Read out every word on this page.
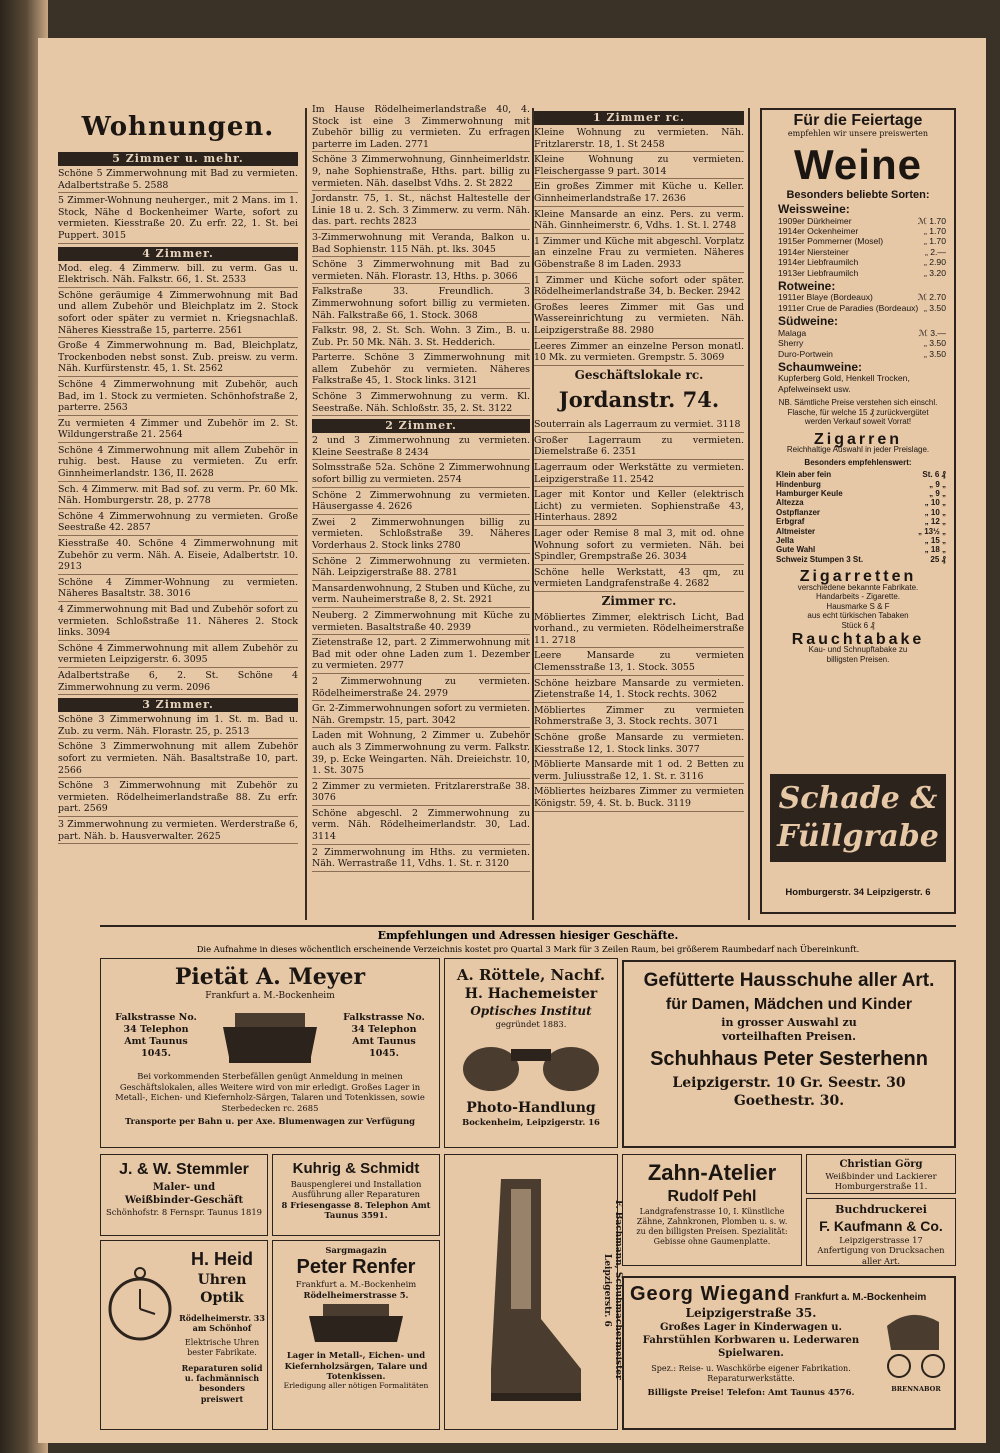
Wohnungen.
5 Zimmer u. mehr.
Schöne 5 Zimmerwohnung mit Bad zu vermieten. Adalbertstraße 5. 2588
5 Zimmer-Wohnung neuherger., mit 2 Mans. im 1. Stock, Nähe d Bockenheimer Warte, sofort zu vermieten. Kiesstraße 20. Zu erfr. 22, 1. St. bei Puppert. 3015
4 Zimmer.
Mod. eleg. 4 Zimmerw. bill. zu verm. Gas u. Elektrisch. Näh. Falkstr. 66, 1. St. 2533
Schöne geräumige 4 Zimmerwohnung mit Bad und allem Zubehör und Bleichplatz im 2. Stock sofort oder später zu vermiet n. Kriegsnachlaß. Näheres Kiesstraße 15, parterre. 2561
Große 4 Zimmerwohnung m. Bad, Bleichplatz, Trockenboden nebst sonst. Zub. preisw. zu verm. Näh. Kurfürstenstr. 45, 1. St. 2562
Schöne 4 Zimmerwohnung mit Zubehör, auch Bad, im 1. Stock zu vermieten. Schönhofstraße 2, parterre. 2563
Zu vermieten 4 Zimmer und Zubehör im 2. St. Wildungerstraße 21. 2564
Schöne 4 Zimmerwohnung mit allem Zubehör in ruhig. best. Hause zu vermieten. Zu erfr. Ginnheimerlandstr. 136, II. 2628
Sch. 4 Zimmerw. mit Bad sof. zu verm. Pr. 60 Mk. Näh. Homburgerstr. 28, p. 2778
Schöne 4 Zimmerwohnung zu vermieten. Große Seestraße 42. 2857
Kiesstraße 40. Schöne 4 Zimmerwohnung mit Zubehör zu verm. Näh. A. Eiseie, Adalbertstr. 10. 2913
Schöne 4 Zimmer-Wohnung zu vermieten. Näheres Basaltstr. 38. 3016
4 Zimmerwohnung mit Bad und Zubehör sofort zu vermieten. Schloßstraße 11. Näheres 2. Stock links. 3094
Schöne 4 Zimmerwohnung mit allem Zubehör zu vermieten Leipzigerstr. 6. 3095
Adalbertstraße 6, 2. St. Schöne 4 Zimmerwohnung zu verm. 2096
3 Zimmer.
Schöne 3 Zimmerwohnung im 1. St. m. Bad u. Zub. zu verm. Näh. Florastr. 25, p. 2513
Schöne 3 Zimmerwohnung mit allem Zubehör sofort zu vermieten. Näh. Basaltstraße 10, part. 2566
Schöne 3 Zimmerwohnung mit Zubehör zu vermieten. Rödelheimerlandstraße 88. Zu erfr. part. 2569
3 Zimmerwohnung zu vermieten. Werderstraße 6, part. Näh. b. Hausverwalter. 2625
Im Hause Rödelheimerlandstraße 40, 4. Stock ist eine 3 Zimmerwohnung mit Zubehör billig zu vermieten. Zu erfragen parterre im Laden. 2771
Schöne 3 Zimmerwohnung, Ginnheimerldstr. 9, nahe Sophienstraße, Hths. part. billig zu vermieten. Näh. daselbst Vdhs. 2. St 2822
Jordanstr. 75, 1. St., nächst Haltestelle der Linie 18 u. 2. Sch. 3 Zimmerw. zu verm. Näh. das. part. rechts 2823
3-Zimmerwohnung mit Veranda, Balkon u. Bad Sophienstr. 115 Näh. pt. lks. 3045
Schöne 3 Zimmerwohnung mit Bad zu vermieten. Näh. Florastr. 13, Hths. p. 3066
Falkstraße 33. Freundlich. 3 Zimmerwohnung sofort billig zu vermieten. Näh. Falkstraße 66, 1. Stock. 3068
Falkstr. 98, 2. St. Sch. Wohn. 3 Zim., B. u. Zub. Pr. 50 Mk. Näh. 3. St. Hedderich.
Parterre. Schöne 3 Zimmerwohnung mit allem Zubehör zu vermieten. Näheres Falkstraße 45, 1. Stock links. 3121
Schöne 3 Zimmerwohnung zu verm. Kl. Seestraße. Näh. Schloßstr. 35, 2. St. 3122
2 Zimmer.
2 und 3 Zimmerwohnung zu vermieten. Kleine Seestraße 8 2434
Solmsstraße 52a. Schöne 2 Zimmerwohnung sofort billig zu vermieten. 2574
Schöne 2 Zimmerwohnung zu vermieten. Häusergasse 4. 2626
Zwei 2 Zimmerwohnungen billig zu vermieten. Schloßstraße 39. Näheres Vorderhaus 2. Stock links 2780
Schöne 2 Zimmerwohnung zu vermieten. Näh. Leipzigerstraße 88. 2781
Mansardenwohnung, 2 Stuben und Küche, zu verm. Nauheimerstraße 8, 2. St. 2921
Neuberg. 2 Zimmerwohnung mit Küche zu vermieten. Basaltstraße 40. 2939
Zietenstraße 12, part. 2 Zimmerwohnung mit Bad mit oder ohne Laden zum 1. Dezember zu vermieten. 2977
2 Zimmerwohnung zu vermieten. Rödelheimerstraße 24. 2979
Gr. 2-Zimmerwohnungen sofort zu vermieten. Näh. Grempstr. 15, part. 3042
Laden mit Wohnung, 2 Zimmer u. Zubehör auch als 3 Zimmerwohnung zu verm. Falkstr. 39, p. Ecke Weingarten. Näh. Dreieichstr. 10, 1. St. 3075
2 Zimmer zu vermieten. Fritzlarerstraße 38. 3076
Schöne abgeschl. 2 Zimmerwohnung zu verm. Näh. Rödelheimerlandstr. 30, Lad. 3114
2 Zimmerwohnung im Hths. zu vermieten. Näh. Werrastraße 11, Vdhs. 1. St. r. 3120
1 Zimmer rc.
Kleine Wohnung zu vermieten. Näh. Fritzlarerstr. 18, 1. St 2458
Kleine Wohnung zu vermieten. Fleischergasse 9 part. 3014
Ein großes Zimmer mit Küche u. Keller. Ginnheimerlandstraße 17. 2636
Kleine Mansarde an einz. Pers. zu verm. Näh. Ginnheimerstr. 6, Vdhs. 1. St. l. 2748
1 Zimmer und Küche mit abgeschl. Vorplatz an einzelne Frau zu vermieten. Näheres Göbenstraße 8 im Laden. 2933
1 Zimmer und Küche sofort oder später. Rödelheimerlandstraße 34, b. Becker. 2942
Großes leeres Zimmer mit Gas und Wassereinrichtung zu vermieten. Näh. Leipzigerstraße 88. 2980
Leeres Zimmer an einzelne Person monatl. 10 Mk. zu vermieten. Grempstr. 5. 3069
Geschäftslokale rc.
Jordanstr. 74.
Souterrain als Lagerraum zu vermiet. 3118
Großer Lagerraum zu vermieten. Diemelstraße 6. 2351
Lagerraum oder Werkstätte zu vermieten. Leipzigerstraße 11. 2542
Lager mit Kontor und Keller (elektrisch Licht) zu vermieten. Sophienstraße 43, Hinterhaus. 2892
Lager oder Remise 8 mal 3, mit od. ohne Wohnung sofort zu vermieten. Näh. bei Spindler, Grempstraße 26. 3034
Schöne helle Werkstatt, 43 qm, zu vermieten Landgrafenstraße 4. 2682
Zimmer rc.
Möbliertes Zimmer, elektrisch Licht, Bad vorhand., zu vermieten. Rödelheimerstraße 11. 2718
Leere Mansarde zu vermieten Clemensstraße 13, 1. Stock. 3055
Schöne heizbare Mansarde zu vermieten. Zietenstraße 14, 1. Stock rechts. 3062
Möbliertes Zimmer zu vermieten Rohmerstraße 3, 3. Stock rechts. 3071
Schöne große Mansarde zu vermieten. Kiesstraße 12, 1. Stock links. 3077
Möblierte Mansarde mit 1 od. 2 Betten zu verm. Juliusstraße 12, 1. St. r. 3116
Möbliertes heizbares Zimmer zu vermieten Königstr. 59, 4. St. b. Buck. 3119
Für die Feiertage
empfehlen wir unsere preiswerten
Weine
Besonders beliebte Sorten:
Weissweine:
1909er Dürkheimer	ℳ 1.70
1914er Ockenheimer	„ 1.70
1915er Pommerner (Mosel)	„ 1.70
1914er Niersteiner	„ 2.—
1914er Liebfraumilch	„ 2.90
1913er Liebfraumilch	„ 3.20
Rotweine:
1911er Blaye (Bordeaux)	ℳ 2.70
1911er Crue de Paradies (Bordeaux) „ 3.50
Südweine:
Malaga	ℳ 3.—
Sherry	„ 3.50
Duro-Portwein	„ 3.50
Schaumweine:
Kupferberg Gold, Henkell Trocken, Apfelweinsekt usw.
NB. Sämtliche Preise verstehen sich einschl. Flasche, für welche 15 ₰ zurückvergütet werden Verkauf soweit Vorrat!
Zigarren
Reichhaltige Auswahl in jeder Preislage.
Besonders empfehlenswert:
Klein aber fein	St. 6 ₰
Hindenburg	„ 9 „
Hamburger Keule	„ 9 „
Altezza	„ 10 „
Ostpflanzer	„ 10 „
Erbgraf	„ 12 „
Altmeister	„ 13½ „
Jella	„ 15 „
Gute Wahl	„ 18 „
Schweiz Stumpen 3 St.	25 ₰
Zigarretten
verschiedene bekannte Fabrikate.
Handarbeits - Zigarette.
Hausmarke S & F
aus echt türkischen Tabaken
Stück 6 ₰
Rauchtabake
Kau- und Schnupftabake zu billigsten Preisen.
Schade & Füllgrabe
Homburgerstr. 34 Leipzigerstr. 6
Empfehlungen und Adressen hiesiger Geschäfte.
Die Aufnahme in dieses wöchentlich erscheinende Verzeichnis kostet pro Quartal 3 Mark für 3 Zeilen Raum, bei größerem Raumbedarf nach Übereinkunft.
Pietät A. Meyer
Frankfurt a. M.-Bockenheim
Falkstrasse No. 34 Telephon Amt Taunus 1045.
Falkstrasse No. 34 Telephon Amt Taunus 1045.
Bei vorkommenden Sterbefällen genügt Anmeldung in meinen Geschäftslokalen, alles Weitere wird von mir erledigt. Großes Lager in Metall-, Eichen- und Kiefernholz-Särgen, Talaren und Totenkissen, sowie Sterbedecken rc. 2685
Transporte per Bahn u. per Axe. Blumenwagen zur Verfügung
A. Röttele, Nachf.
H. Hachemeister
Optisches Institut
gegründet 1883.
Photo-Handlung
Bockenheim, Leipzigerstr. 16
Gefütterte Hausschuhe aller Art.
für Damen, Mädchen und Kinder
in grosser Auswahl zu vorteilhaften Preisen.
Schuhhaus Peter Sesterhenn
Leipzigerstr. 10 Gr. Seestr. 30
Goethestr. 30.
J. & W. Stemmler
Maler- und Weißbinder-Geschäft
Schönhofstr. 8 Fernspr. Taunus 1819
Kuhrig & Schmidt
Bauspenglerei und Installation Ausführung aller Reparaturen
8 Friesengasse 8. Telephon Amt Taunus 3591.	F. Bachmann, Schuhmachermeister Leipzigerstr. 6
Zahn-Atelier
Rudolf Pehl
Landgrafenstrasse 10, I. Künstliche Zähne, Zahnkronen, Plomben u. s. w. zu den billigsten Preisen. Spezialität: Gebisse ohne Gaumenplatte.
Christian Görg
Weißbinder und Lackierer Homburgerstraße 11.
Buchdruckerei
F. Kaufmann & Co.
Leipzigerstrasse 17 Anfertigung von Drucksachen aller Art.
H. Heid
Uhren Optik
Rödelheimerstr. 33 am Schönhof
Elektrische Uhren bester Fabrikate.
Reparaturen solid u. fachmännisch besonders preiswert
Sargmagazin
Peter Renfer
Frankfurt a. M.-Bockenheim
Rödelheimerstrasse 5.
Lager in Metall-, Eichen- und Kiefernholzsärgen, Talare und Totenkissen.
Erledigung aller nötigen Formalitäten
Georg Wiegand Frankfurt a. M.-Bockenheim
Leipzigerstraße 35.
Großes Lager in Kinderwagen u. Fahrstühlen Korbwaren u. Lederwaren Spielwaren.
Spez.: Reise- u. Waschkörbe eigener Fabrikation. Reparaturwerkstätte.
Billigste Preise! Telefon: Amt Taunus 4576.	BRENNABOR
